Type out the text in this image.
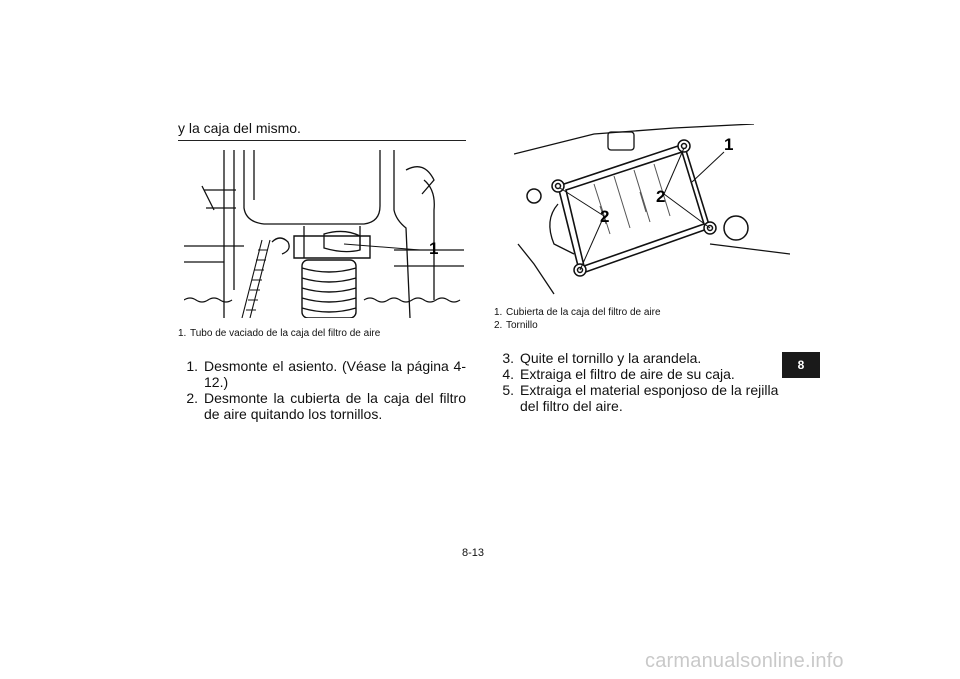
y la caja del mismo.
1
1. Tubo de vaciado de la caja del filtro de aire
1. Desmonte el asiento. (Véase la página 4-12.)
2. Desmonte la cubierta de la caja del filtro de aire quitando los tornillos.
1
2
2
1. Cubierta de la caja del filtro de aire
2. Tornillo
3. Quite el tornillo y la arandela.
4. Extraiga el filtro de aire de su caja.
5. Extraiga el material esponjoso de la rejilla del filtro del aire.
8
8-13
carmanualsonline.info
